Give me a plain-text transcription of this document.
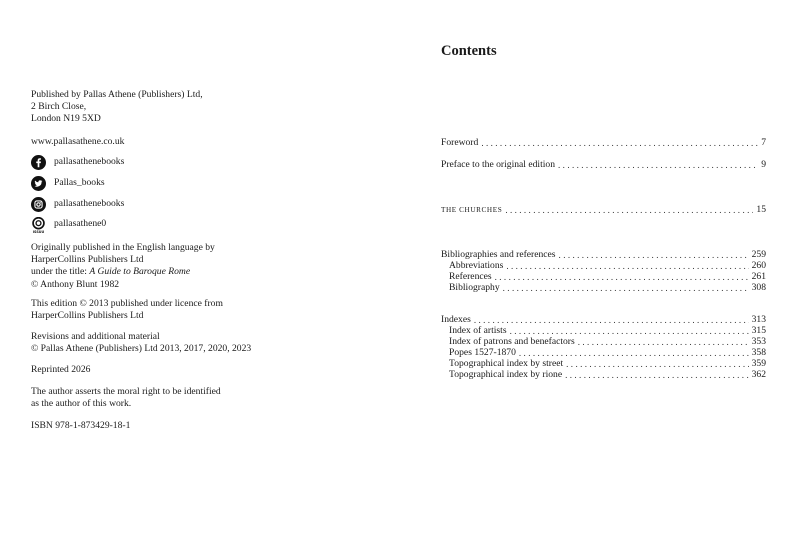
Published by Pallas Athene (Publishers) Ltd,
2 Birch Close,
London N19 5XD
www.pallasathene.co.uk
pallasathenebooks
Pallas_books
pallasathenebooks
ISSUU
pallasathene0
Originally published in the English language by
HarperCollins Publishers Ltd
under the title: A Guide to Baroque Rome
© Anthony Blunt 1982
This edition © 2013 published under licence from
HarperCollins Publishers Ltd
Revisions and additional material
© Pallas Athene (Publishers) Ltd 2013, 2017, 2020, 2023
Reprinted 2026
The author asserts the moral right to be identified
as the author of this work.
ISBN 978-1-873429-18-1
Contents
Foreword .....	7
Preface to the original edition .....	9
THE CHURCHES .....	15
Bibliographies and references .....	259
Abbreviations .....	260
References .....	261
Bibliography .....	308
Indexes .....	313
Index of artists .....	315
Index of patrons and benefactors .....	353
Popes 1527-1870 .....	358
Topographical index by street .....	359
Topographical index by rione .....	362
